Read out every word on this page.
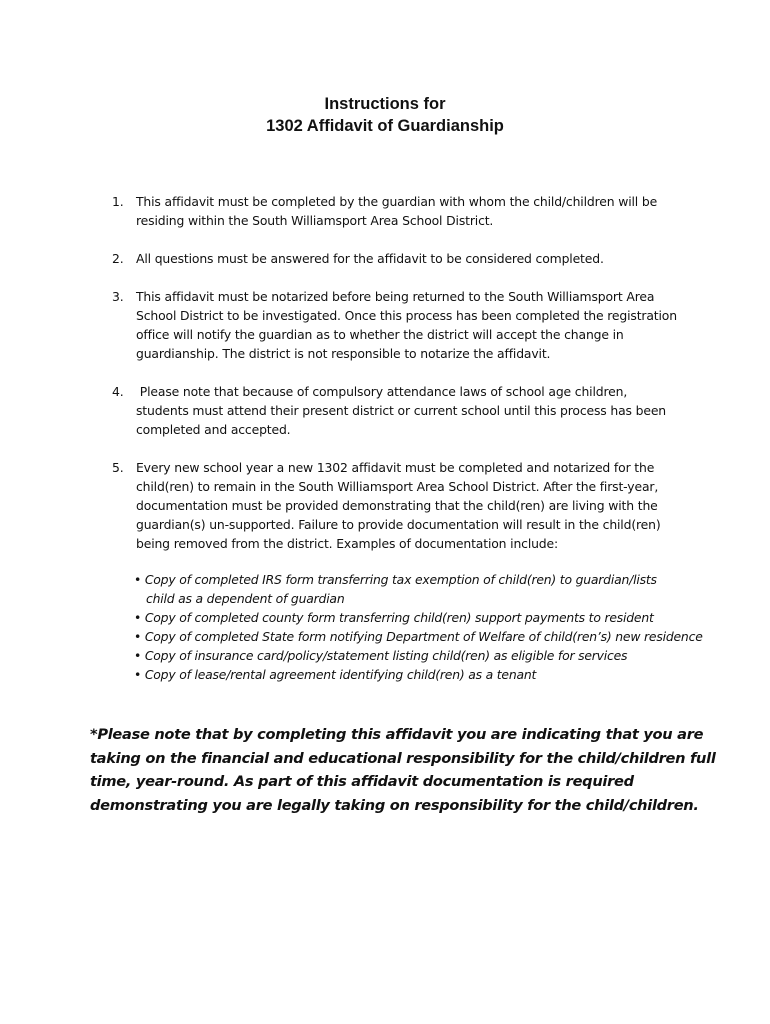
Instructions for
1302 Affidavit of Guardianship
1. This affidavit must be completed by the guardian with whom the child/children will be
residing within the South Williamsport Area School District.
2. All questions must be answered for the affidavit to be considered completed.
3. This affidavit must be notarized before being returned to the South Williamsport Area
School District to be investigated. Once this process has been completed the registration
office will notify the guardian as to whether the district will accept the change in
guardianship. The district is not responsible to notarize the affidavit.
4. Please note that because of compulsory attendance laws of school age children,
students must attend their present district or current school until this process has been
completed and accepted.
5. Every new school year a new 1302 affidavit must be completed and notarized for the
child(ren) to remain in the South Williamsport Area School District. After the first-year,
documentation must be provided demonstrating that the child(ren) are living with the
guardian(s) un-supported. Failure to provide documentation will result in the child(ren)
being removed from the district. Examples of documentation include:
• Copy of completed IRS form transferring tax exemption of child(ren) to guardian/lists
child as a dependent of guardian
• Copy of completed county form transferring child(ren) support payments to resident
• Copy of completed State form notifying Department of Welfare of child(ren’s) new residence
• Copy of insurance card/policy/statement listing child(ren) as eligible for services
• Copy of lease/rental agreement identifying child(ren) as a tenant
*Please note that by completing this affidavit you are indicating that you are
taking on the financial and educational responsibility for the child/children full
time, year-round. As part of this affidavit documentation is required
demonstrating you are legally taking on responsibility for the child/children.
